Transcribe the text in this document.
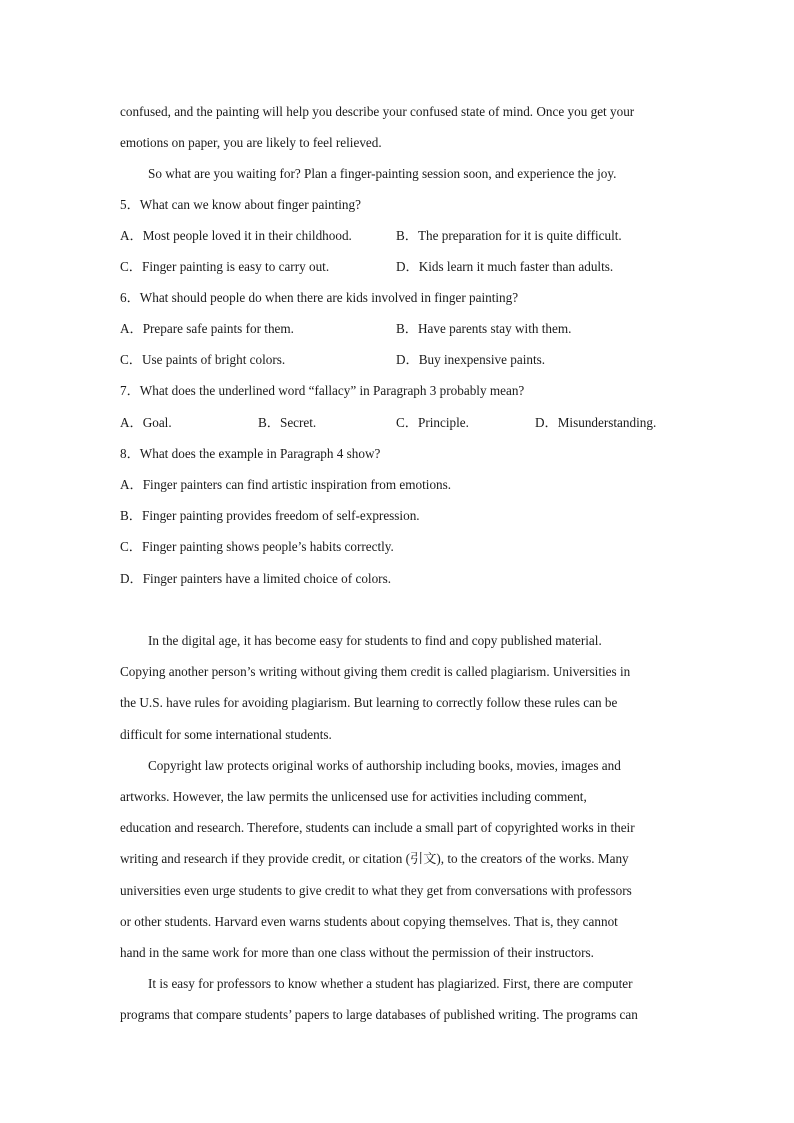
confused, and the painting will help you describe your confused state of mind. Once you get your
emotions on paper, you are likely to feel relieved.
So what are you waiting for? Plan a finger-painting session soon, and experience the joy.
5．What can we know about finger painting?
A．Most people loved it in their childhood.	B．The preparation for it is quite difficult.
C．Finger painting is easy to carry out.	D．Kids learn it much faster than adults.
6．What should people do when there are kids involved in finger painting?
A．Prepare safe paints for them.	B．Have parents stay with them.
C．Use paints of bright colors.	D．Buy inexpensive paints.
7．What does the underlined word “fallacy” in Paragraph 3 probably mean?
A．Goal.	B．Secret.	C．Principle.	D．Misunderstanding.
8．What does the example in Paragraph 4 show?
A．Finger painters can find artistic inspiration from emotions.
B．Finger painting provides freedom of self-expression.
C．Finger painting shows people’s habits correctly.
D．Finger painters have a limited choice of colors.
In the digital age, it has become easy for students to find and copy published material.
Copying another person’s writing without giving them credit is called plagiarism. Universities in
the U.S. have rules for avoiding plagiarism. But learning to correctly follow these rules can be
difficult for some international students.
Copyright law protects original works of authorship including books, movies, images and
artworks. However, the law permits the unlicensed use for activities including comment,
education and research. Therefore, students can include a small part of copyrighted works in their
writing and research if they provide credit, or citation (引文), to the creators of the works. Many
universities even urge students to give credit to what they get from conversations with professors
or other students. Harvard even warns students about copying themselves. That is, they cannot
hand in the same work for more than one class without the permission of their instructors.
It is easy for professors to know whether a student has plagiarized. First, there are computer
programs that compare students’ papers to large databases of published writing. The programs can
